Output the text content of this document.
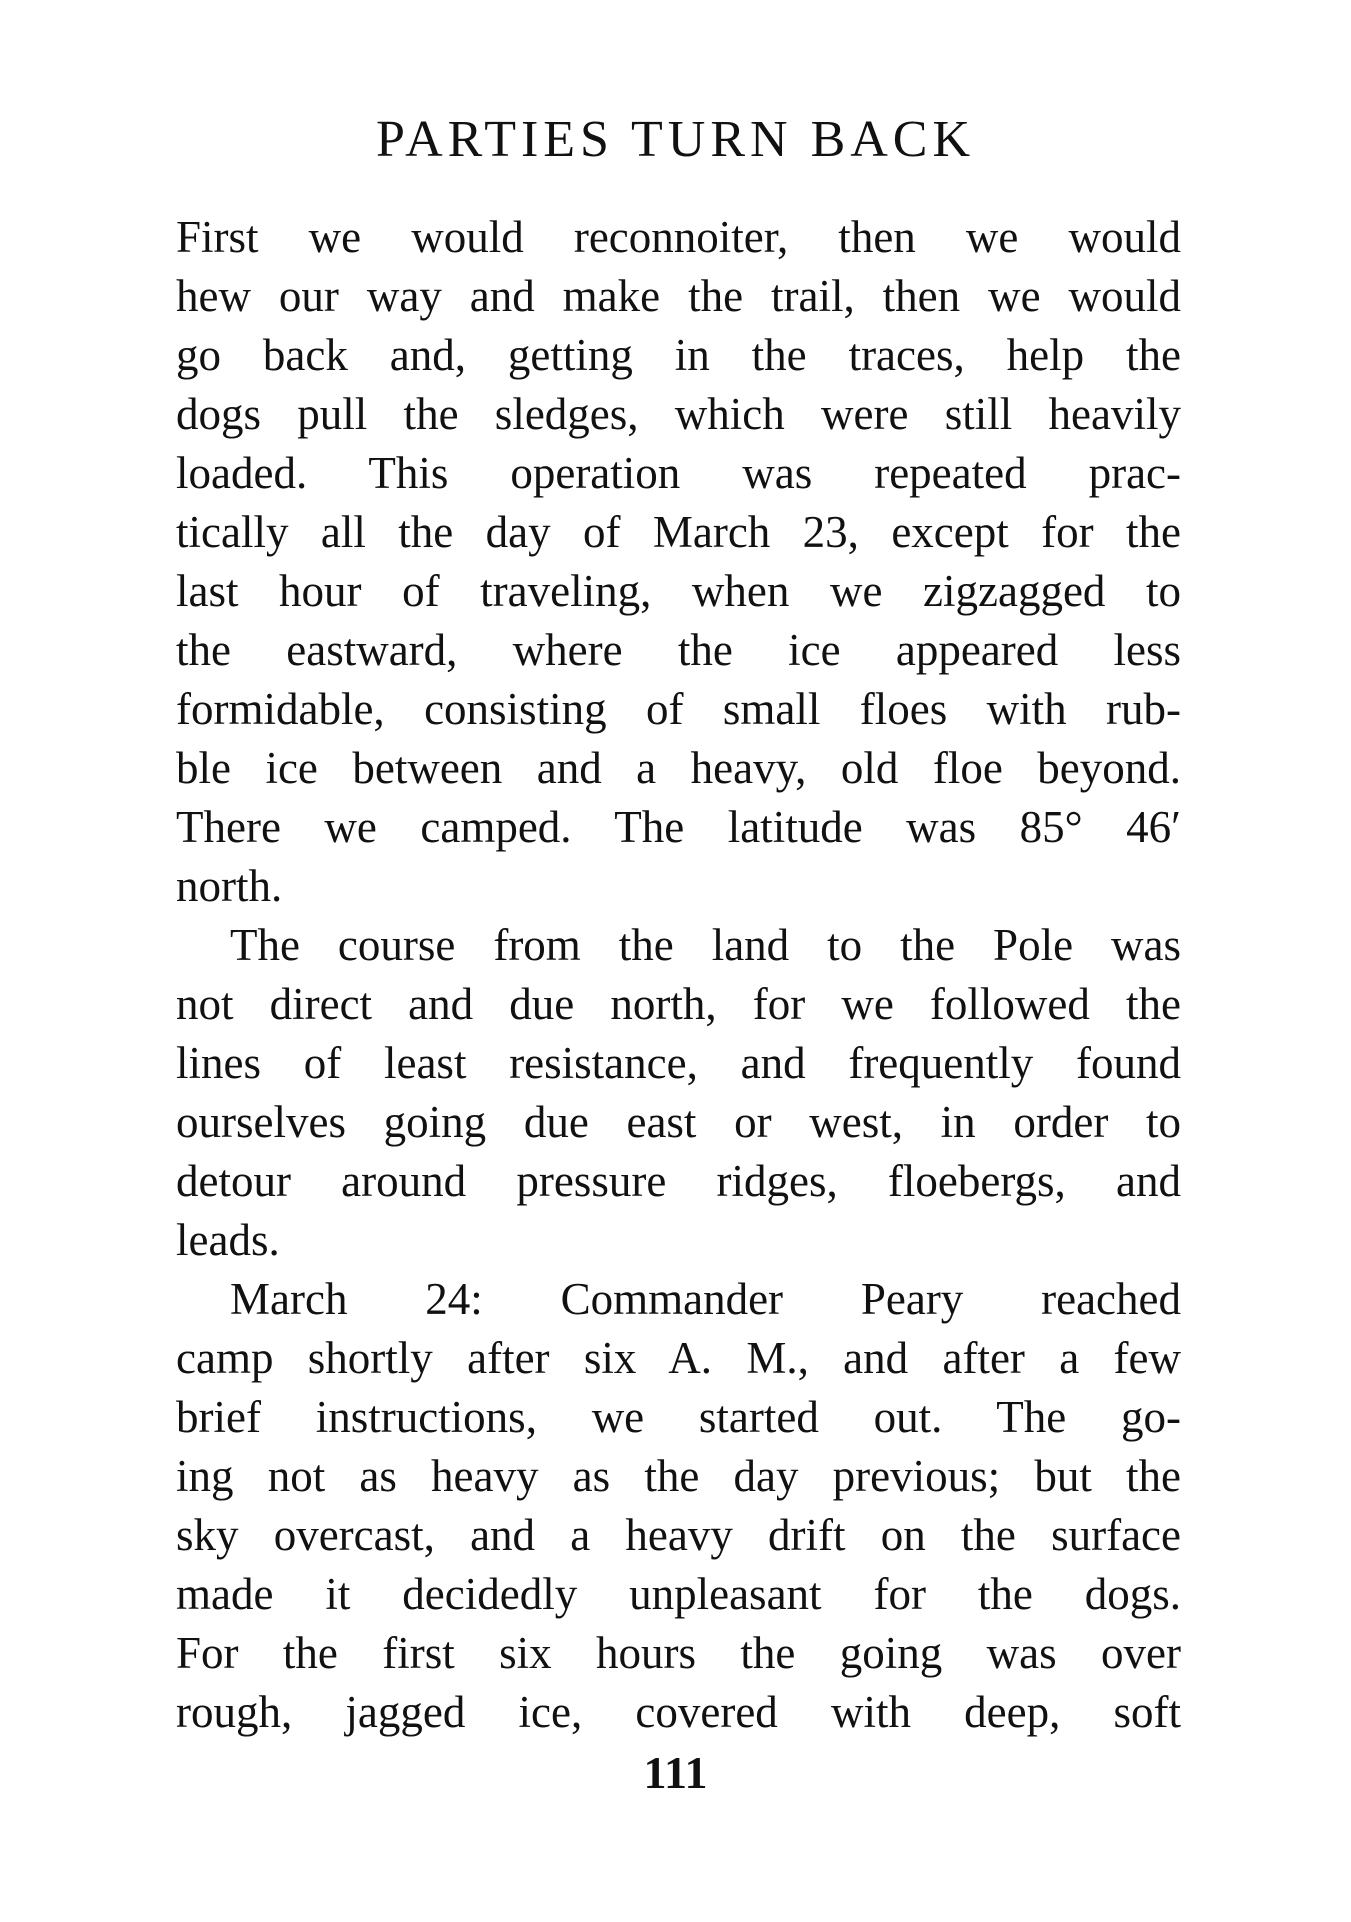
PARTIES TURN BACK

First we would reconnoiter, then we would
hew our way and make the trail, then we would
go back and, getting in the traces, help the
dogs pull the sledges, which were still heavily
loaded. This operation was repeated prac-
tically all the day of March 23, except for the
last hour of traveling, when we zigzagged to
the eastward, where the ice appeared less
formidable, consisting of small floes with rub-
ble ice between and a heavy, old floe beyond.
There we camped. The latitude was 85° 46′
north.

The course from the land to the Pole was
not direct and due north, for we followed the
lines of least resistance, and frequently found
ourselves going due east or west, in order to
detour around pressure ridges, floebergs, and
leads.

March 24: Commander Peary reached
camp shortly after six A. M., and after a few
brief instructions, we started out. The go-
ing not as heavy as the day previous; but the
sky overcast, and a heavy drift on the surface
made it decidedly unpleasant for the dogs.
For the first six hours the going was over
rough, jagged ice, covered with deep, soft

111
